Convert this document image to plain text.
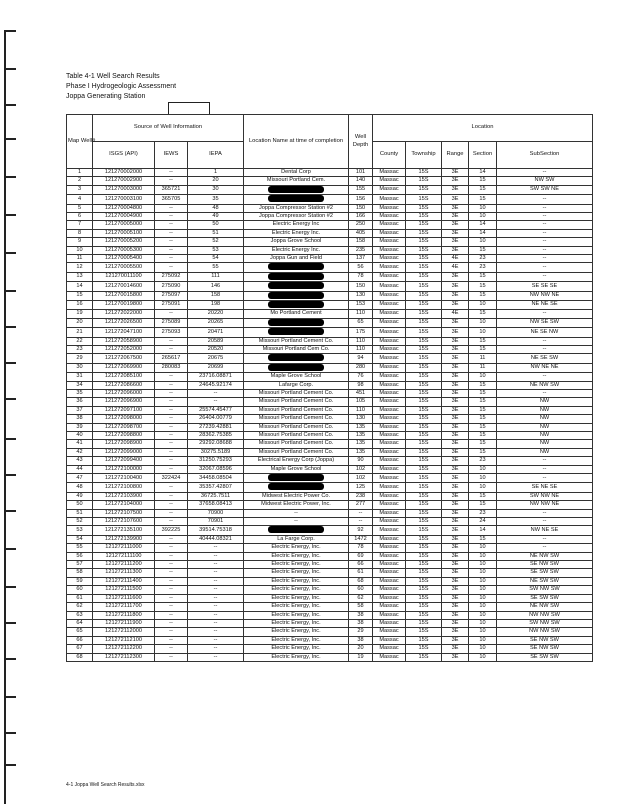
Table 4-1 Well Search Results
Phase I Hydrogeologic Assessment
Joppa Generating Station
Map Well#	Source of Well Information			Location Name at time of completion	Well Depth	Location				
	ISGS (API)	IEWS	IEPA			County	Township	Range	Section	SubSection
1	121270002000	--	1	Dental Corp	101	Massac	15S	3E	14	--
2	121270002900	--	20	Missouri Portland Cem.	140	Massac	15S	3E	15	NW SW
3	121270003000	365721	30		155	Massac	15S	3E	15	SW SW NE
4	121270003100	365705	35		156	Massac	15S	3E	15	--
5	121270004800	--	48	Joppa Compressor Station #2	150	Massac	15S	3E	10	--
6	121270004900	--	49	Joppa Compressor Station #2	166	Massac	15S	3E	10	--
7	121270005000	--	50	Electric Energy Inc	250	Massac	15S	3E	14	--
8	121270005100	--	51	Electric Energy Inc.	405	Massac	15S	3E	14	--
9	121270005200	--	52	Joppa Grove School	158	Massac	15S	3E	10	--
10	121270005300	--	53	Electric Energy Inc.	235	Massac	15S	3E	15	--
11	121270005400	--	54	Joppa Gun and Field	137	Massac	15S	4E	23	--
12	121270005500	--	55		56	Massac	15S	4E	23	--
13	121270011100	275092	111		78	Massac	15S	3E	15	--
14	121270014600	275090	146		150	Massac	15S	3E	15	SE SE SE
15	121270015800	275097	158		130	Massac	15S	3E	15	NW NW NE
16	121270019800	275091	198		153	Massac	15S	3E	10	NE NE SE
19	121272022000	--	20220	Mo Portland Cement	110	Massac	15S	4E	15	--
20	121272026500	275089	20265		65	Massac	15S	3E	10	NW SE SW
21	121272047100	275093	20471		175	Massac	15S	3E	10	NE SE NW
22	121272058900	--	20589	Missouri Portland Cement Co.	110	Massac	15S	3E	15	--
23	121272052000	--	20520	Missouri Portland Cem Co.	110	Massac	15S	3E	15	--
29	121272067500	265617	20675		94	Massac	15S	3E	11	NE SE SW
30	121272069900	280083	20699		280	Massac	15S	3E	11	NW NE NE
31	121272085100	--	23716.08871	Maple Grove School	76	Massac	15S	3E	10	--
34	121272086600	--	24645.92174	Lafarge Corp.	98	Massac	15S	3E	15	NE NW SW
35	121272096000	--	--	Missouri Portland Cement Co.	451	Massac	15S	3E	15	--
36	121272096900	--	--	Missouri Portland Cement Co.	105	Massac	15S	3E	15	NW
37	121272097100	--	25574.45477	Missouri Portland Cement Co.	110	Massac	15S	3E	15	NW
38	121272098000	--	26404.00779	Missouri Portland Cement Co.	130	Massac	15S	3E	15	NW
39	121272098700	--	27239.42881	Missouri Portland Cement Co.	135	Massac	15S	3E	15	NW
40	121272098800	--	28362.75385	Missouri Portland Cement Co.	135	Massac	15S	3E	15	NW
41	121272098900	--	29292.08688	Missouri Portland Cement Co.	135	Massac	15S	3E	15	NW
42	121272099000	--	30275.5189	Missouri Portland Cement Co.	135	Massac	15S	3E	15	NW
43	121272099400	--	31250.75293	Electrical Energy Corp (Joppa)	90	Massac	15S	3E	23	--
44	121272100000	--	32067.08596	Maple Grove School	102	Massac	15S	3E	10	--
47	121272100400	322424	34458.08504		102	Massac	15S	3E	10	--
48	121272100800	--	35357.42807		125	Massac	15S	3E	10	SE NE SE
49	121272103900	--	36725.7511	Midwest Electric Power Co.	238	Massac	15S	3E	15	SW NW NE
50	121272104000	--	37658.08413	Midwest Electric Power, Inc.	277	Massac	15S	3E	15	NW NW NE
51	121272107500	--	70900	--	--	Massac	15S	3E	23	--
52	121272107600	--	70901	--	--	Massac	15S	3E	24	--
53	121272135100	392225	39514.75318		92	Massac	15S	3E	14	NW NE SE
54	121272139900	--	40444.08321	La Farge Corp.	1472	Massac	15S	3E	15	--
55	121272111000	--	--	Electric Energy, Inc.	78	Massac	15S	3E	10	--
56	121272111100	--	--	Electric Energy, Inc.	69	Massac	15S	3E	10	NE NW SW
57	121272111200	--	--	Electric Energy, Inc.	66	Massac	15S	3E	10	SE NW SW
58	121272111300	--	--	Electric Energy, Inc.	61	Massac	15S	3E	10	SE SW SW
59	121272111400	--	--	Electric Energy, Inc.	68	Massac	15S	3E	10	NE SW SW
60	121272111500	--	--	Electric Energy, Inc.	60	Massac	15S	3E	10	SW NW SW
61	121272111600	--	--	Electric Energy, Inc.	62	Massac	15S	3E	10	SE SW SW
62	121272111700	--	--	Electric Energy, Inc.	58	Massac	15S	3E	10	NE NW SW
63	121272111800	--	--	Electric Energy, Inc.	38	Massac	15S	3E	10	NW NW SW
64	121272111900	--	--	Electric Energy, Inc.	38	Massac	15S	3E	10	SW NW SW
65	121272112000	--	--	Electric Energy, Inc.	29	Massac	15S	3E	10	NW NW SW
66	121272112100	--	--	Electric Energy, Inc.	38	Massac	15S	3E	10	SE NW SW
67	121272112200	--	--	Electric Energy, Inc.	20	Massac	15S	3E	10	SE NW SW
68	121272112300	--	--	Electric Energy, Inc.	19	Massac	15S	3E	10	SE SW SW
4-1 Joppa Well Search Results.xlsx
